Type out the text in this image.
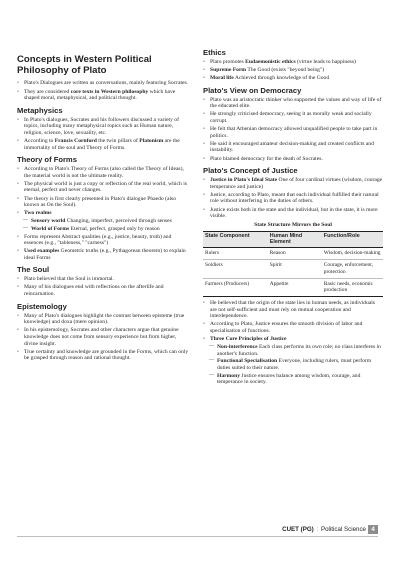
Concepts in Western Political Philosophy of Plato
• Plato's Dialogues are written as conversations, mainly featuring Socrates.
• They are considered core texts in Western philosophy which have shaped moral, metaphysical, and political thought.
Metaphysics
• In Plato's dialogues, Socrates and his followers discussed a variety of topics, including many metaphysical topics such as Human nature, religion, science, love, sexuality, etc.
• According to Francis Cornford the twin pillars of Platonism are the immortality of the soul and Theory of Forms.
Theory of Forms
• According to Plato's Theory of Forms (also called the Theory of Ideas), the material world is not the ultimate reality.
• The physical world is just a copy or reflection of the real world, which is eternal, perfect and never changes.
• The theory is first clearly presented in Plato's dialogue Phaedo (also known as On the Soul).
• Two realms
— Sensory world Changing, imperfect, perceived through senses
— World of Forms Eternal, perfect, grasped only by reason
• Forms represent Abstract qualities (e.g., justice, beauty, truth) and essences (e.g., "tableness," "carness")
• Used examples Geometric truths (e.g., Pythagorean theorem) to explain ideal Forms
The Soul
• Plato believed that the Soul is immortal.
• Many of his dialogues end with reflections on the afterlife and reincarnation.
Epistemology
• Many of Plato's dialogues highlight the contrast between episteme (true knowledge) and doxa (mere opinion).
• In his epistemology, Socrates and other characters argue that genuine knowledge does not come from sensory experience but from higher, divine insight.
• True certainty and knowledge are grounded in the Forms, which can only be grasped through reason and rational thought.
Ethics
• Plato promotes Eudaemonistic ethics (virtue leads to happiness)
• Supreme Form The Good (exists "beyond being")
• Moral life Achieved through knowledge of the Good
Plato's View on Democracy
• Plato was an aristocratic thinker who supported the values and way of life of the educated elite.
• He strongly criticised democracy, seeing it as morally weak and socially corrupt.
• He felt that Athenian democracy allowed unqualified people to take part in politics.
• He said it encouraged amateur decision-making and created conflicts and instability.
• Plato blamed democracy for the death of Socrates.
Plato's Concept of Justice
• Justice in Plato's Ideal State One of four cardinal virtues (wisdom, courage temperance and justice)
• Justice, according to Plato, meant that each individual fulfilled their natural role without interfering in the duties of others.
• Justice exists both in the state and the individual, but in the state, it is more visible.
State Structure Mirrors the Soul
State Component	Human Mind Element	Function/Role
Rulers	Reason	Wisdom, decision-making
Soldiers	Spirit	Courage, enforcement, protection
Farmers (Producers)	Appetite	Basic needs, economic production
• He believed that the origin of the state lies in human needs, as individuals are not self-sufficient and must rely on mutual cooperation and interdependence.
• According to Plato, Justice ensures the smooth division of labor and specialisation of functions.
• Three Core Principles of Justice
— Non-interference Each class performs its own role; no class interferes in another's function.
— Functional Specialisation Everyone, including rulers, must perform duties suited to their nature.
— Harmony Justice ensures balance among wisdom, courage, and temperance in society.
CUET (PG) : Political Science 4
